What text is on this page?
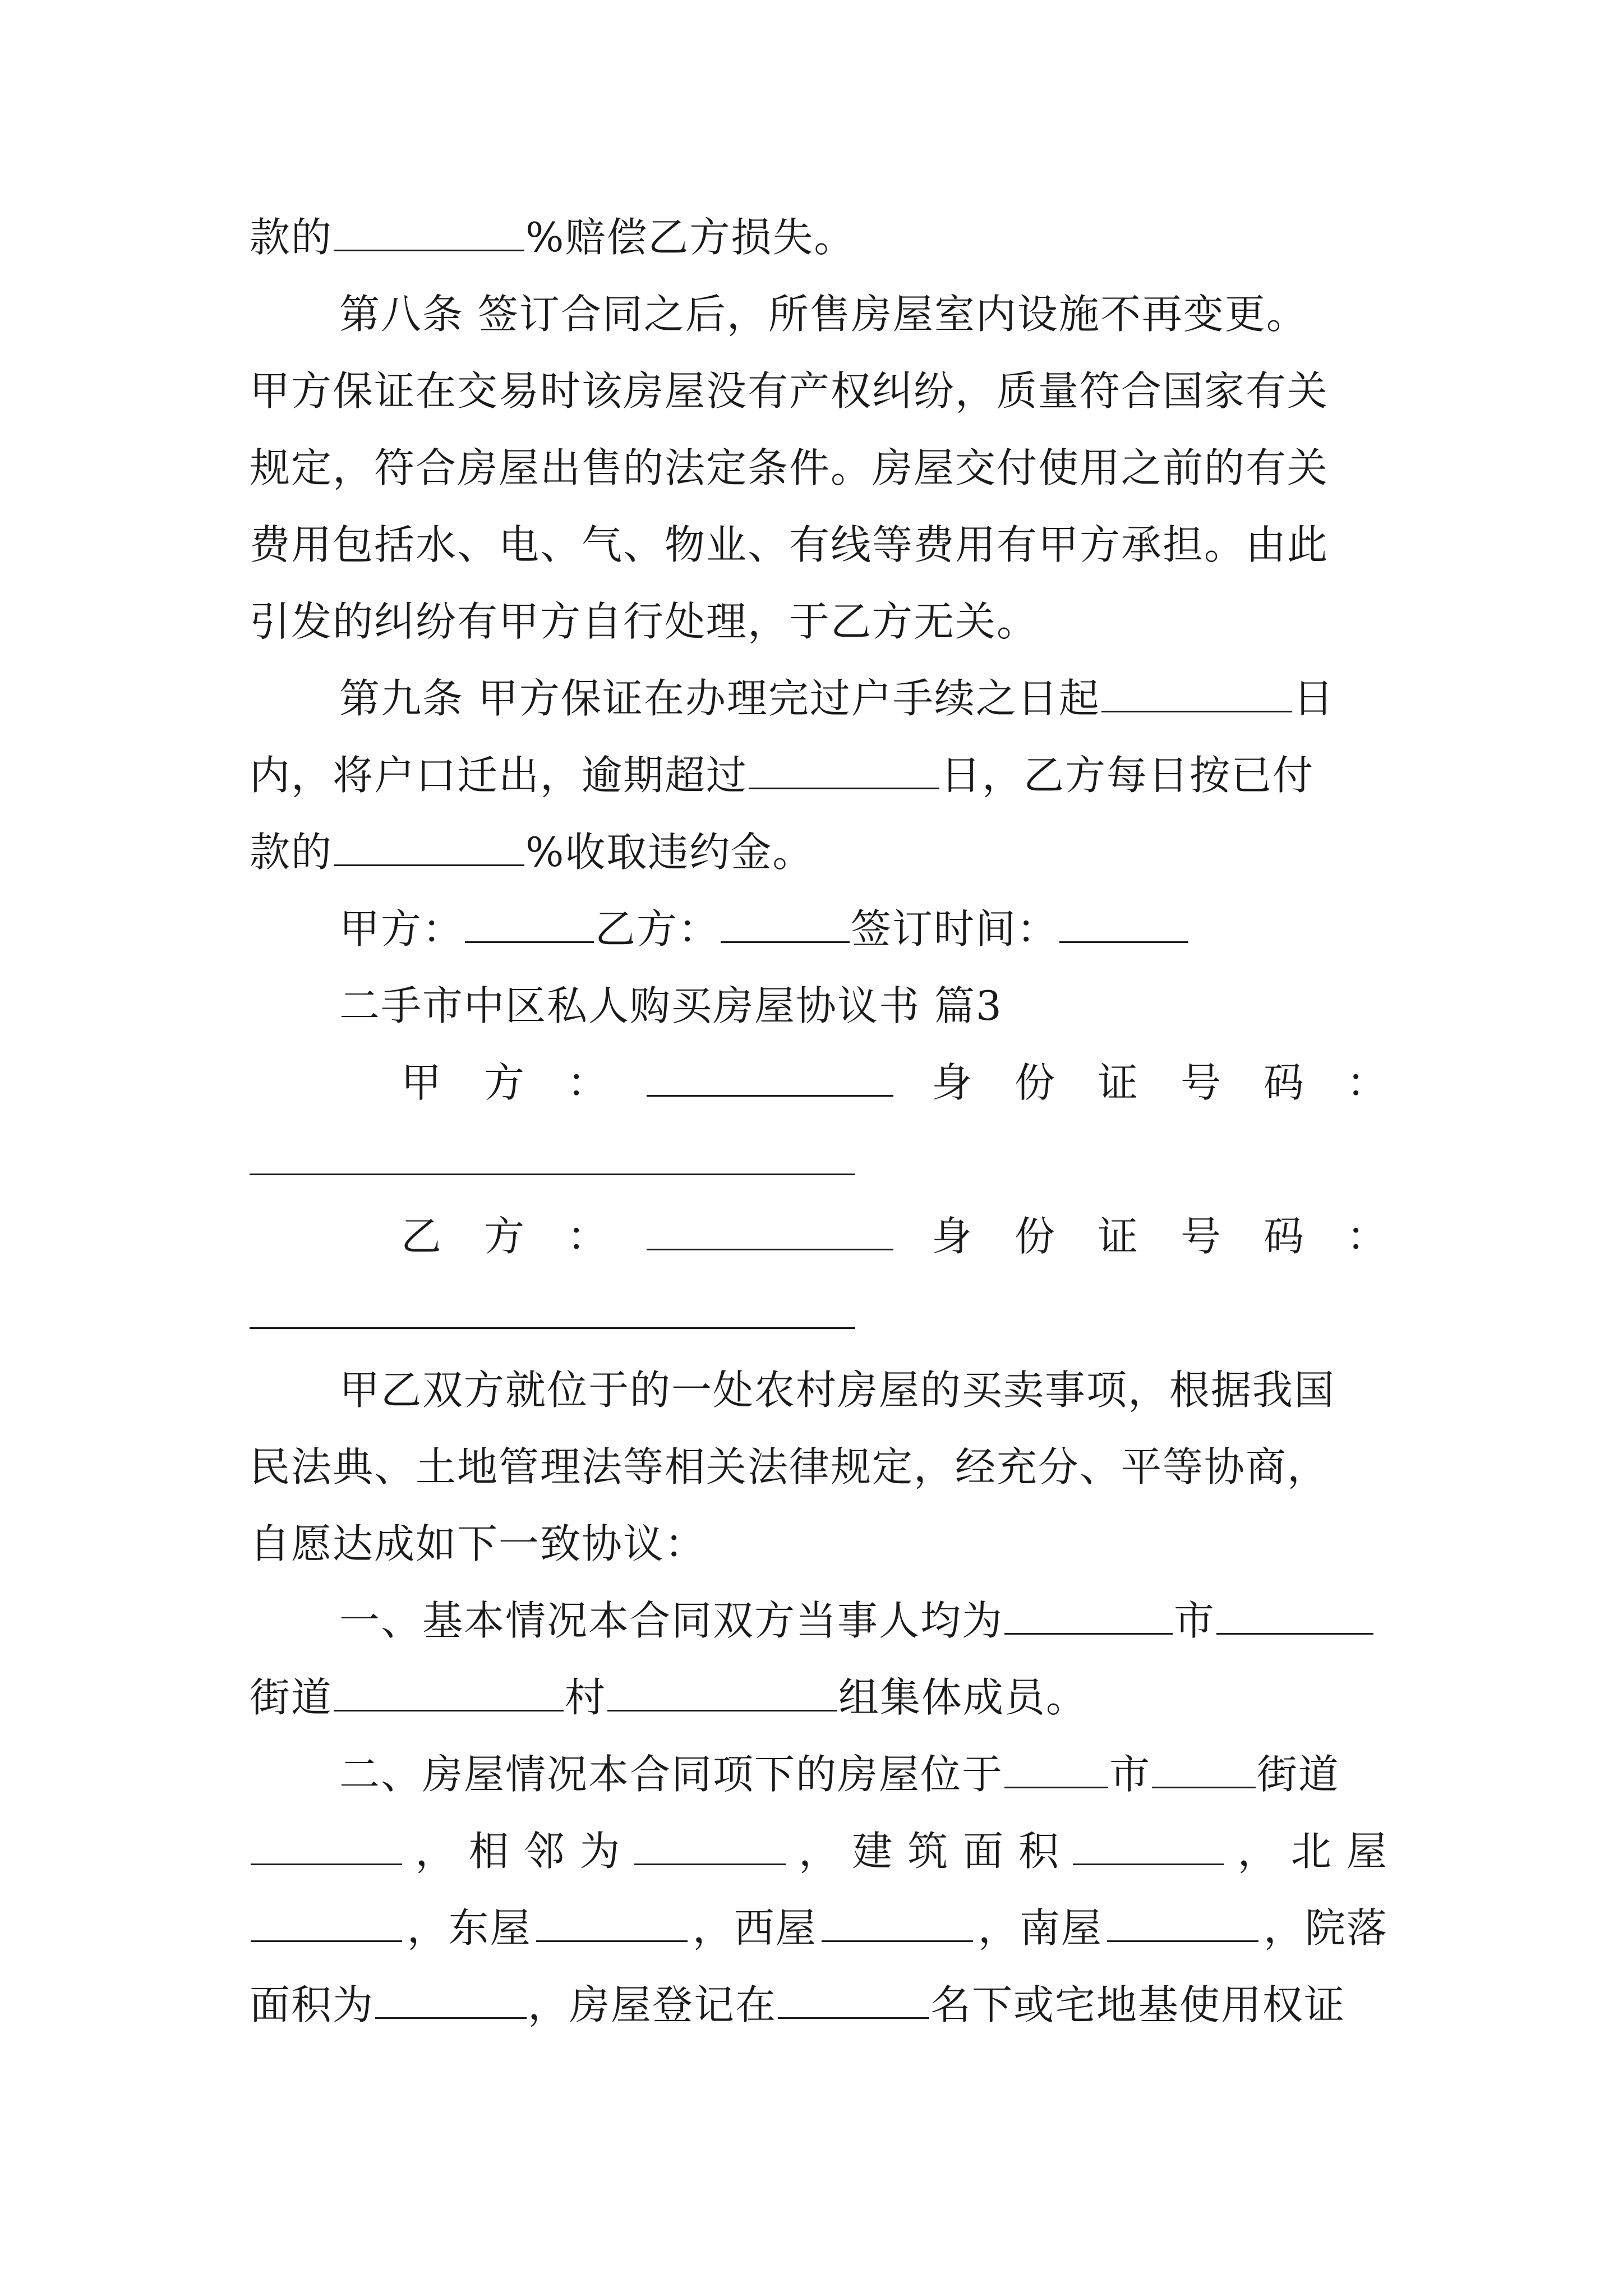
款的	%赔偿乙方损失。
第八条 签订合同之后，所售房屋室内设施不再变更。
甲方保证在交易时该房屋没有产权纠纷，质量符合国家有关
规定，符合房屋出售的法定条件。房屋交付使用之前的有关
费用包括水、电、气、物业、有线等费用有甲方承担。由此
引发的纠纷有甲方自行处理，于乙方无关。
第九条 甲方保证在办理完过户手续之日起	日
内，将户口迁出，逾期超过	日，乙方每日按已付
款的	%收取违约金。
甲方：	乙方：	签订时间：
二手市中区私人购买房屋协议书 篇3
甲　方　：	身　份　证　号　码　：
乙　方　：	身　份　证　号　码　：
甲乙双方就位于的一处农村房屋的买卖事项，根据我国
民法典、土地管理法等相关法律规定，经充分、平等协商，
自愿达成如下一致协议：
一、基本情况本合同双方当事人均为	市
街道	村	组集体成员。
二、房屋情况本合同项下的房屋位于	市	街道
， 相 邻 为	， 建 筑 面 积	， 北 屋
，东屋	，西屋	，南屋	，院落
面积为	，房屋登记在	名下或宅地基使用权证
